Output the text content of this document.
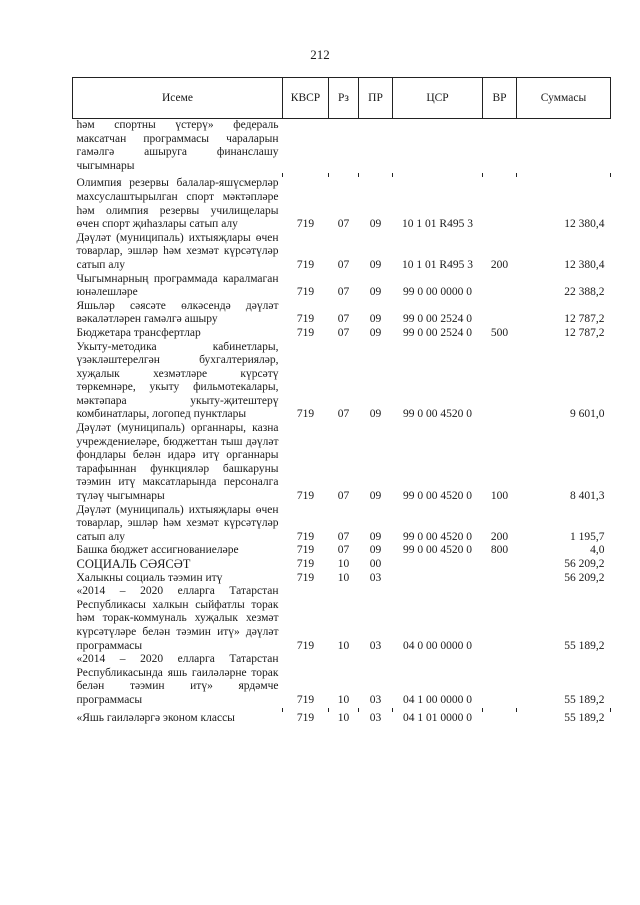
212
Исеме	КВСР	Рз	ПР	ЦСР	ВР	Суммасы
һәм спортны үстерү» федераль максатчан программасы чараларын гамәлгә ашыруга финанслашу чыгымнары						

Олимпия резервы балалар-яшүсмерләр махсуслаштырылган спорт мәктәпләре һәм олимпия резервы училищелары өчен спорт җиһазлары сатып алу	719	07	09	10 1 01 R495 3		12 380,4
Дәүләт (муниципаль) ихтыяҗлары өчен товарлар, эшләр һәм хезмәт күрсәтүләр сатып алу	719	07	09	10 1 01 R495 3	200	12 380,4
Чыгымнарның программада каралмаган юнәлешләре	719	07	09	99 0 00 0000 0		22 388,2
Яшьләр сәясәте өлкәсендә дәүләт вәкаләтләрен гамәлгә ашыру	719	07	09	99 0 00 2524 0		12 787,2
Бюджетара трансфертлар	719	07	09	99 0 00 2524 0	500	12 787,2
Укыту-методика кабинетлары, үзәкләштерелгән бухгалтерияләр, хуҗалык хезмәтләре күрсәтү төркемнәре, укыту фильмотекалары, мәктәпара укыту-җитештерү комбинатлары, логопед пунктлары	719	07	09	99 0 00 4520 0		9 601,0
Дәүләт (муниципаль) органнары, казна учреждениеләре, бюджеттан тыш дәүләт фондлары белән идарә итү органнары тарафыннан функцияләр башкаруны тәэмин итү максатларында персоналга түләү чыгымнары	719	07	09	99 0 00 4520 0	100	8 401,3
Дәүләт (муниципаль) ихтыяҗлары өчен товарлар, эшләр һәм хезмәт күрсәтүләр сатып алу	719	07	09	99 0 00 4520 0	200	1 195,7
Башка бюджет ассигнованиеләре	719	07	09	99 0 00 4520 0	800	4,0
СОЦИАЛЬ СӘЯСӘТ	719	10	00			56 209,2
Халыкны социаль тәэмин итү	719	10	03			56 209,2
«2014 – 2020 елларга Татарстан Республикасы халкын сыйфатлы торак һәм торак-коммуналь хуҗалык хезмәт күрсәтүләре белән тәэмин итү» дәүләт программасы	719	10	03	04 0 00 0000 0		55 189,2
«2014 – 2020 елларга Татарстан Республикасында яшь гаиләләрне торак белән тәэмин итү» ярдәмче программасы	719	10	03	04 1 00 0000 0		55 189,2

«Яшь гаиләләргә эконом классы	719	10	03	04 1 01 0000 0		55 189,2
